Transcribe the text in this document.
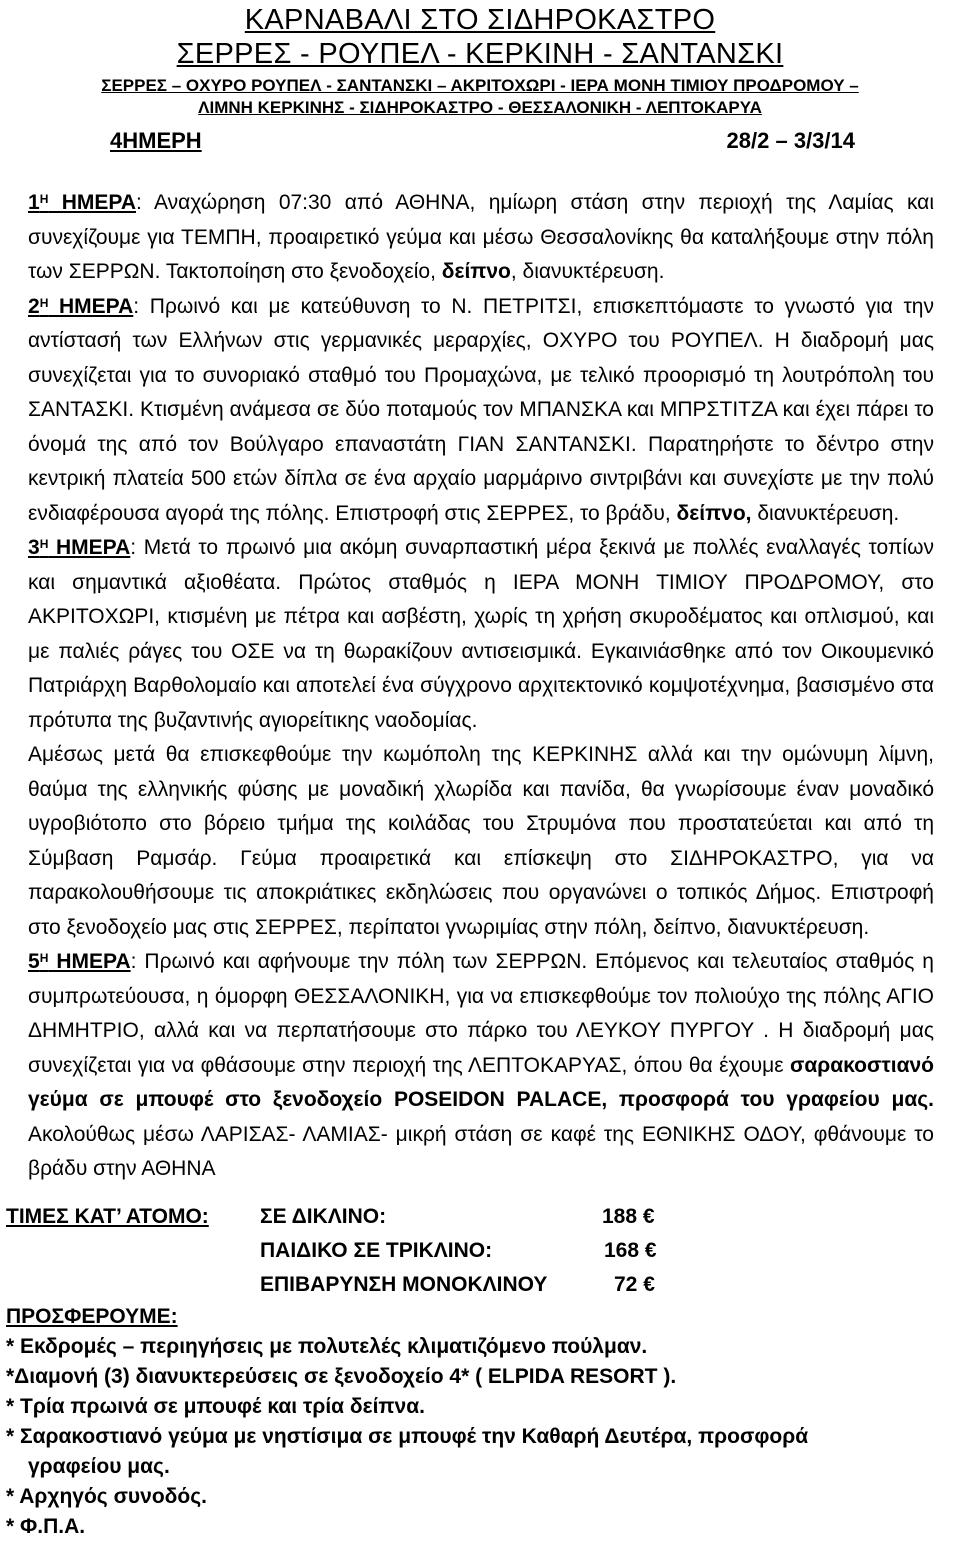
ΚΑΡΝΑΒΑΛΙ ΣΤΟ ΣΙΔΗΡΟΚΑΣΤΡΟ
ΣΕΡΡΕΣ - ΡΟΥΠΕΛ - ΚΕΡΚΙΝΗ - ΣΑΝΤΑΝΣΚΙ
ΣΕΡΡΕΣ – ΟΧΥΡΟ ΡΟΥΠΕΛ - ΣΑΝΤΑΝΣΚΙ – ΑΚΡΙΤΟΧΩΡΙ - ΙΕΡΑ ΜΟΝΗ ΤΙΜΙΟΥ ΠΡΟΔΡΟΜΟΥ –
ΛΙΜΝΗ ΚΕΡΚΙΝΗΣ - ΣΙΔΗΡΟΚΑΣΤΡΟ - ΘΕΣΣΑΛΟΝΙΚΗ - ΛΕΠΤΟΚΑΡΥΑ
4ΗΜΕΡΗ	28/2 – 3/3/14

$1^H$ ΗΜΕΡΑ: Αναχώρηση 07:30 από ΑΘΗΝΑ, ημίωρη στάση στην περιοχή της Λαμίας και συνεχίζουμε για ΤΕΜΠΗ, προαιρετικό γεύμα και μέσω Θεσσαλονίκης θα καταλήξουμε στην πόλη των ΣΕΡΡΩΝ. Τακτοποίηση στο ξενοδοχείο, δείπνο, διανυκτέρευση.

$2^H$ ΗΜΕΡΑ: Πρωινό και με κατεύθυνση το Ν. ΠΕΤΡΙΤΣΙ, επισκεπτόμαστε το γνωστό για την αντίστασή των Ελλήνων στις γερμανικές μεραρχίες, ΟΧΥΡΟ του ΡΟΥΠΕΛ. Η διαδρομή μας συνεχίζεται για το συνοριακό σταθμό του Προμαχώνα, με τελικό προορισμό τη λουτρόπολη του ΣΑΝΤΑΣΚΙ. Κτισμένη ανάμεσα σε δύο ποταμούς τον ΜΠΑΝΣΚΑ και ΜΠΡΣΤΙΤΖΑ και έχει πάρει το όνομά της από τον Βούλγαρο επαναστάτη ΓΙΑΝ ΣΑΝΤΑΝΣΚΙ. Παρατηρήστε το δέντρο στην κεντρική πλατεία 500 ετών δίπλα σε ένα αρχαίο μαρμάρινο σιντριβάνι και συνεχίστε με την πολύ ενδιαφέρουσα αγορά της πόλης. Επιστροφή στις ΣΕΡΡΕΣ, το βράδυ, δείπνο, διανυκτέρευση.

$3^H$ ΗΜΕΡΑ: Μετά το πρωινό μια ακόμη συναρπαστική μέρα ξεκινά με πολλές εναλλαγές τοπίων και σημαντικά αξιοθέατα. Πρώτος σταθμός η ΙΕΡΑ ΜΟΝΗ ΤΙΜΙΟΥ ΠΡΟΔΡΟΜΟΥ, στο ΑΚΡΙΤΟΧΩΡΙ, κτισμένη με πέτρα και ασβέστη, χωρίς τη χρήση σκυροδέματος και οπλισμού, και με παλιές ράγες του ΟΣΕ να τη θωρακίζουν αντισεισμικά. Εγκαινιάσθηκε από τον Οικουμενικό Πατριάρχη Βαρθολομαίο και αποτελεί ένα σύγχρονο αρχιτεκτονικό κομψοτέχνημα, βασισμένο στα πρότυπα της βυζαντινής αγιορείτικης ναοδομίας.

Αμέσως μετά θα επισκεφθούμε την κωμόπολη της ΚΕΡΚΙΝΗΣ αλλά και την ομώνυμη λίμνη, θαύμα της ελληνικής φύσης με μοναδική χλωρίδα και πανίδα, θα γνωρίσουμε έναν μοναδικό υγροβιότοπο στο βόρειο τμήμα της κοιλάδας του Στρυμόνα που προστατεύεται και από τη Σύμβαση Ραμσάρ. Γεύμα προαιρετικά και επίσκεψη στο ΣΙΔΗΡΟΚΑΣΤΡΟ, για να παρακολουθήσουμε τις αποκριάτικες εκδηλώσεις που οργανώνει ο τοπικός Δήμος. Επιστροφή στο ξενοδοχείο μας στις ΣΕΡΡΕΣ, περίπατοι γνωριμίας στην πόλη, δείπνο, διανυκτέρευση.

$5^H$ ΗΜΕΡΑ: Πρωινό και αφήνουμε την πόλη των ΣΕΡΡΩΝ. Επόμενος και τελευταίος σταθμός η συμπρωτεύουσα, η όμορφη ΘΕΣΣΑΛΟΝΙΚΗ, για να επισκεφθούμε τον πολιούχο της πόλης ΑΓΙΟ ΔΗΜΗΤΡΙΟ, αλλά και να περπατήσουμε στο πάρκο του ΛΕΥΚΟΥ ΠΥΡΓΟΥ . Η διαδρομή μας συνεχίζεται για να φθάσουμε στην περιοχή της ΛΕΠΤΟΚΑΡΥΑΣ, όπου θα έχουμε σαρακοστιανό γεύμα σε μπουφέ στο ξενοδοχείο POSEIDON PALACE, προσφορά του γραφείου μας. Ακολούθως μέσω ΛΑΡΙΣΑΣ- ΛΑΜΙΑΣ- μικρή στάση σε καφέ της ΕΘΝΙΚΗΣ ΟΔΟΥ, φθάνουμε το βράδυ στην ΑΘΗΝΑ

ΤΙΜΕΣ ΚΑΤ’ ΑΤΟΜΟ: ΣΕ ΔΙΚΛΙΝΟ:	188 €
ΠΑΙΔΙΚΟ ΣΕ ΤΡΙΚΛΙΝΟ:	168 €
ΕΠΙΒΑΡΥΝΣΗ ΜΟΝΟΚΛΙΝΟΥ	72 €

ΠΡΟΣΦΕΡΟΥΜΕ:

* Εκδρομές – περιηγήσεις με πολυτελές κλιματιζόμενο πούλμαν.

*Διαμονή (3) διανυκτερεύσεις σε ξενοδοχείο 4* ( ELPIDA RESORT ).

* Τρία πρωινά σε μπουφέ και τρία δείπνα.

* Σαρακοστιανό γεύμα με νηστίσιμα σε μπουφέ την Καθαρή Δευτέρα, προσφορά

γραφείου μας.

* Αρχηγός συνοδός.

* Φ.Π.Α.
